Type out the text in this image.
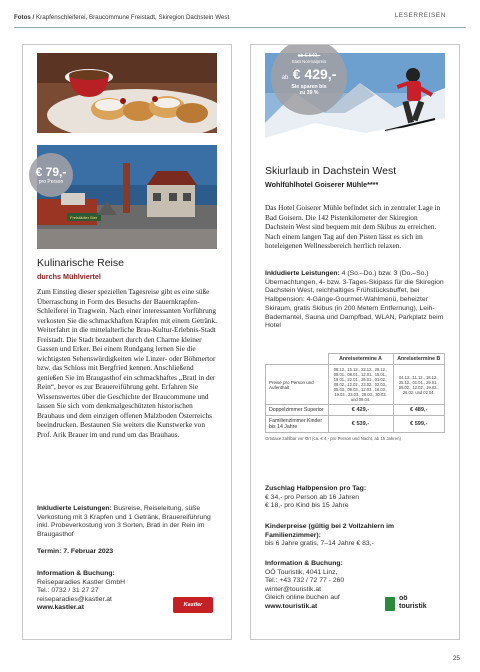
Fotos / Krapfenschleiferei, Braucommune Freistadt, Skiregion Dachstein West	LESERREISEN
Freistädter Bier
€ 79,-
pro Person
Kulinarische Reise
durchs Mühlviertel
Zum Einstieg dieser speziellen Tagesreise gibt es eine süße Überraschung in Form des Besuchs der Bauernkrapfen-Schleiferei in Tragwein. Nach einer interessanten Vorführung verkosten Sie die schmackhaften Krapfen mit einem Getränk. Weiterfahrt in die mittelalterliche Brau-Kultur-Erlebnis-Stadt Freistadt. Die Stadt bezaubert durch den Charme kleiner Gassen und Erker. Bei einem Rundgang lernen Sie die wichtigsten Sehenswürdigkeiten wie Linzer- oder Böhmertor bzw. das Schloss mit Bergfried kennen. Anschließend genießen Sie im Braugasthof ein schmackhaftes „Bratl in der Rein“, bevor es zur Brauereiführung geht. Erfahren Sie Wissenswertes über die Geschichte der Braucommune und lassen Sie sich vom denkmalgeschützten historischen Brauhaus und dem einzigen offenen Malzboden Österreichs beeindrucken. Bestaunen Sie weiters die Kunstwerke von Prof. Arik Brauer im und rund um das Brauhaus.
Inkludierte Leistungen: Busreise, Reiseleitung, süße Verkostung mit 3 Krapfen und 1 Getränk, Brauereiführung inkl. Probeverkostung von 3 Sorten, Bratl in der Rein im Braugasthof
Termin: 7. Februar 2023
Information & Buchung:
Reiseparadies Kastler GmbH
Tel.: 0732 / 31 27 27
reiseparadies@kastler.at
www.kastler.at	Kastler
ab € 549,-
Statt Normalpreis
ab € 429,-
Sie sparen bis
zu 39 %
Skiurlaub in Dachstein West
Wohlfühlhotel Goiserer Mühle****
Das Hotel Goiserer Mühle befindet sich in zentraler Lage in Bad Goisern. Die 142 Pistenkilometer der Skiregion Dachstein West sind bequem mit dem Skibus zu erreichen. Nach einem langen Tag auf den Pisten lässt es sich im hoteleigenen Wellnessbereich herrlich relaxen.
Inkludierte Leistungen: 4 (So.–Do.) bzw. 3 (Do.–So.) Übernachtungen, 4- bzw. 3-Tages-Skipass für die Skiregion Dachstein West, reichhaltiges Frühstücksbuffet, bei Halbpension: 4-Gänge-Gourmet-Wahlmenü, beheizter Skiraum, gratis Skibus (in 200 Metern Entfernung), Leih-Bademantel, Sauna und Dampfbad, WLAN, Parkplatz beim Hotel
	Anreisetermine A	Anreisetermine B
Preise pro Person und Aufenthalt	08.12., 15.12., 22.12., 29.12., 05.01., 08.01., 12.01., 15.01., 19.01., 22.01., 26.01., 01.02., 09.02., 12.02., 23.02., 02.03., 05.03., 09.03., 12.03., 16.03., 19.03., 23.03., 26.03., 30.03. und 09.04.	04.12., 11.12., 18.12., 25.12., 01.01., 29.01., 05.02., 12.02., 19.02., 26.02. und 02.04.
Doppelzimmer Superior	€ 429,-	€ 489,-
Familienzimmer Kinder bis 14 Jahre	€ 539,-	€ 599,-
Ortstaxe zahlbar vor Ort (ca. € 4,- pro Person und Nacht, ab 15 Jahren)
Zuschlag Halbpension pro Tag:
€ 34,- pro Person ab 16 Jahren
€ 18,- pro Kind bis 15 Jahre
Kinderpreise (gültig bei 2 Vollzahlern im Familienzimmer):
bis 6 Jahre gratis, 7–14 Jahre € 83,-
Information & Buchung:
OÖ Touristik, 4041 Linz,
Tel.: +43 732 / 72 77 - 260
winter@touristik.at
Gleich online buchen auf
www.touristik.at
oö
touristik
25
